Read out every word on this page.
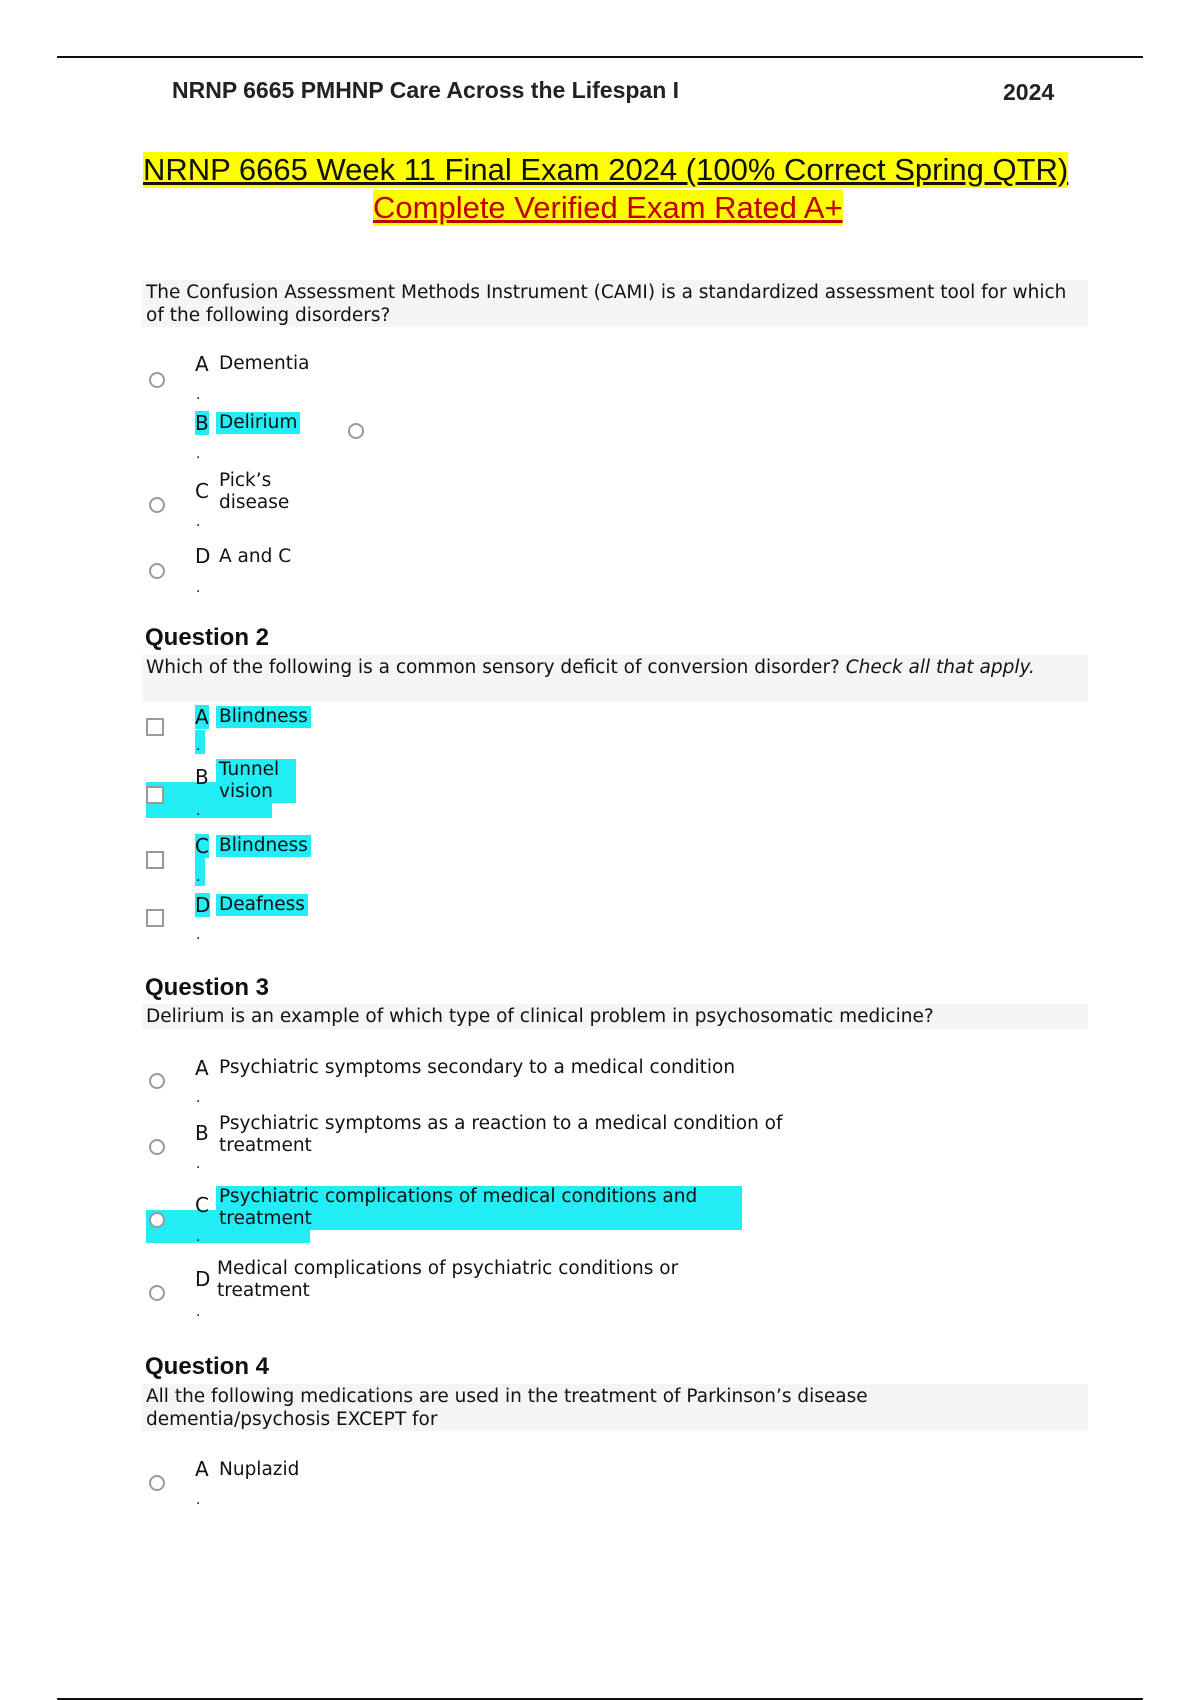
NRNP 6665 PMHNP Care Across the Lifespan I	2024
NRNP 6665 Week 11 Final Exam 2024 (100% Correct Spring QTR)
Complete Verified Exam Rated A+
The Confusion Assessment Methods Instrument (CAMI) is a standardized assessment tool for which of the following disorders?
A Dementia
.
B Delirium
.
C Pick’s disease
.
D A and C
.
Question 2
Which of the following is a common sensory deficit of conversion disorder? Check all that apply.
A Blindness
.
B Tunnel vision
.
C Blindness
.
D Deafness
.
Question 3
Delirium is an example of which type of clinical problem in psychosomatic medicine?
A Psychiatric symptoms secondary to a medical condition
.
B Psychiatric symptoms as a reaction to a medical condition of treatment
.
C Psychiatric complications of medical conditions and treatment
.
D Medical complications of psychiatric conditions or treatment
.
Question 4
All the following medications are used in the treatment of Parkinson’s disease dementia/psychosis EXCEPT for
A Nuplazid
.
